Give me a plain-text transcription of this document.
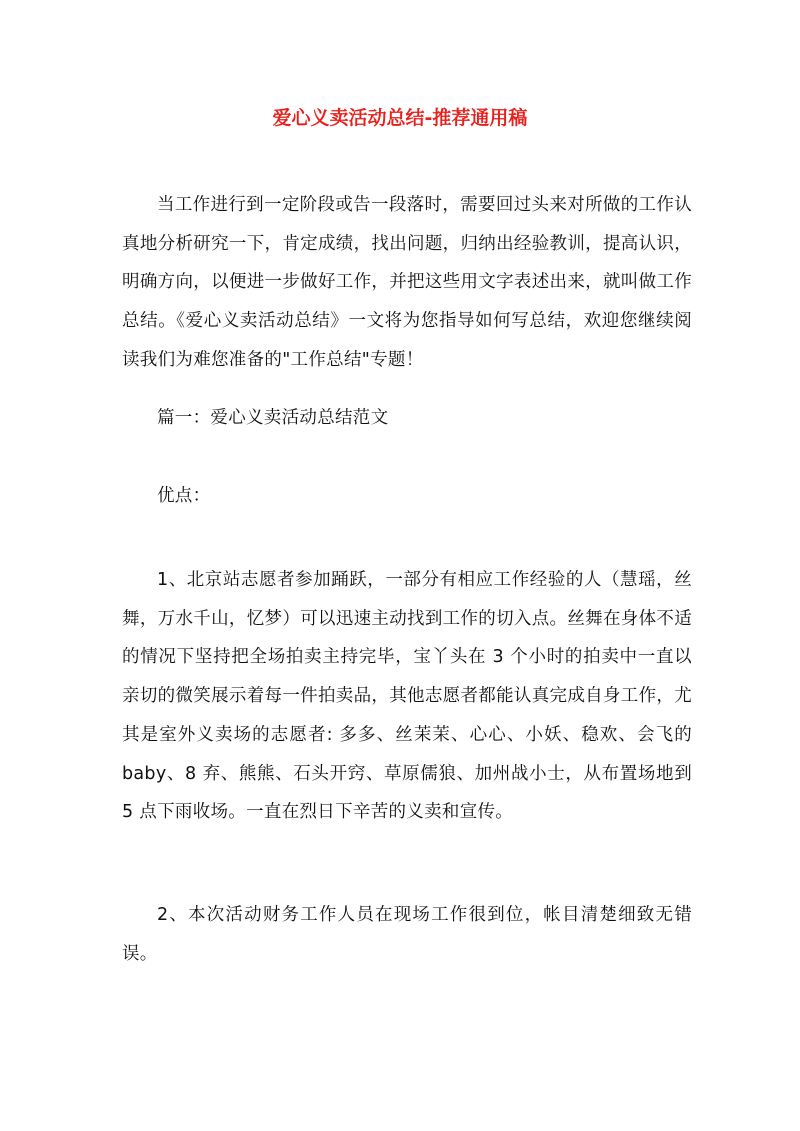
爱心义卖活动总结-推荐通用稿

当工作进行到一定阶段或告一段落时，需要回过头来对所做的工作认真地分析研究一下，肯定成绩，找出问题，归纳出经验教训，提高认识，明确方向，以便进一步做好工作，并把这些用文字表述出来，就叫做工作总结。《爱心义卖活动总结》一文将为您指导如何写总结，欢迎您继续阅读我们为难您准备的"工作总结"专题！

篇一：爱心义卖活动总结范文

优点：

1、北京站志愿者参加踊跃，一部分有相应工作经验的人（慧瑶，丝舞，万水千山，忆梦）可以迅速主动找到工作的切入点。丝舞在身体不适的情况下坚持把全场拍卖主持完毕，宝丫头在 3 个小时的拍卖中一直以亲切的微笑展示着每一件拍卖品，其他志愿者都能认真完成自身工作，尤其是室外义卖场的志愿者: 多多、丝茉茉、心心、小妖、稳欢、会飞的 baby、8 弃、熊熊、石头开窍、草原儒狼、加州战小士，从布置场地到 5 点下雨收场。一直在烈日下辛苦的义卖和宣传。

2、本次活动财务工作人员在现场工作很到位，帐目清楚细致无错误。
